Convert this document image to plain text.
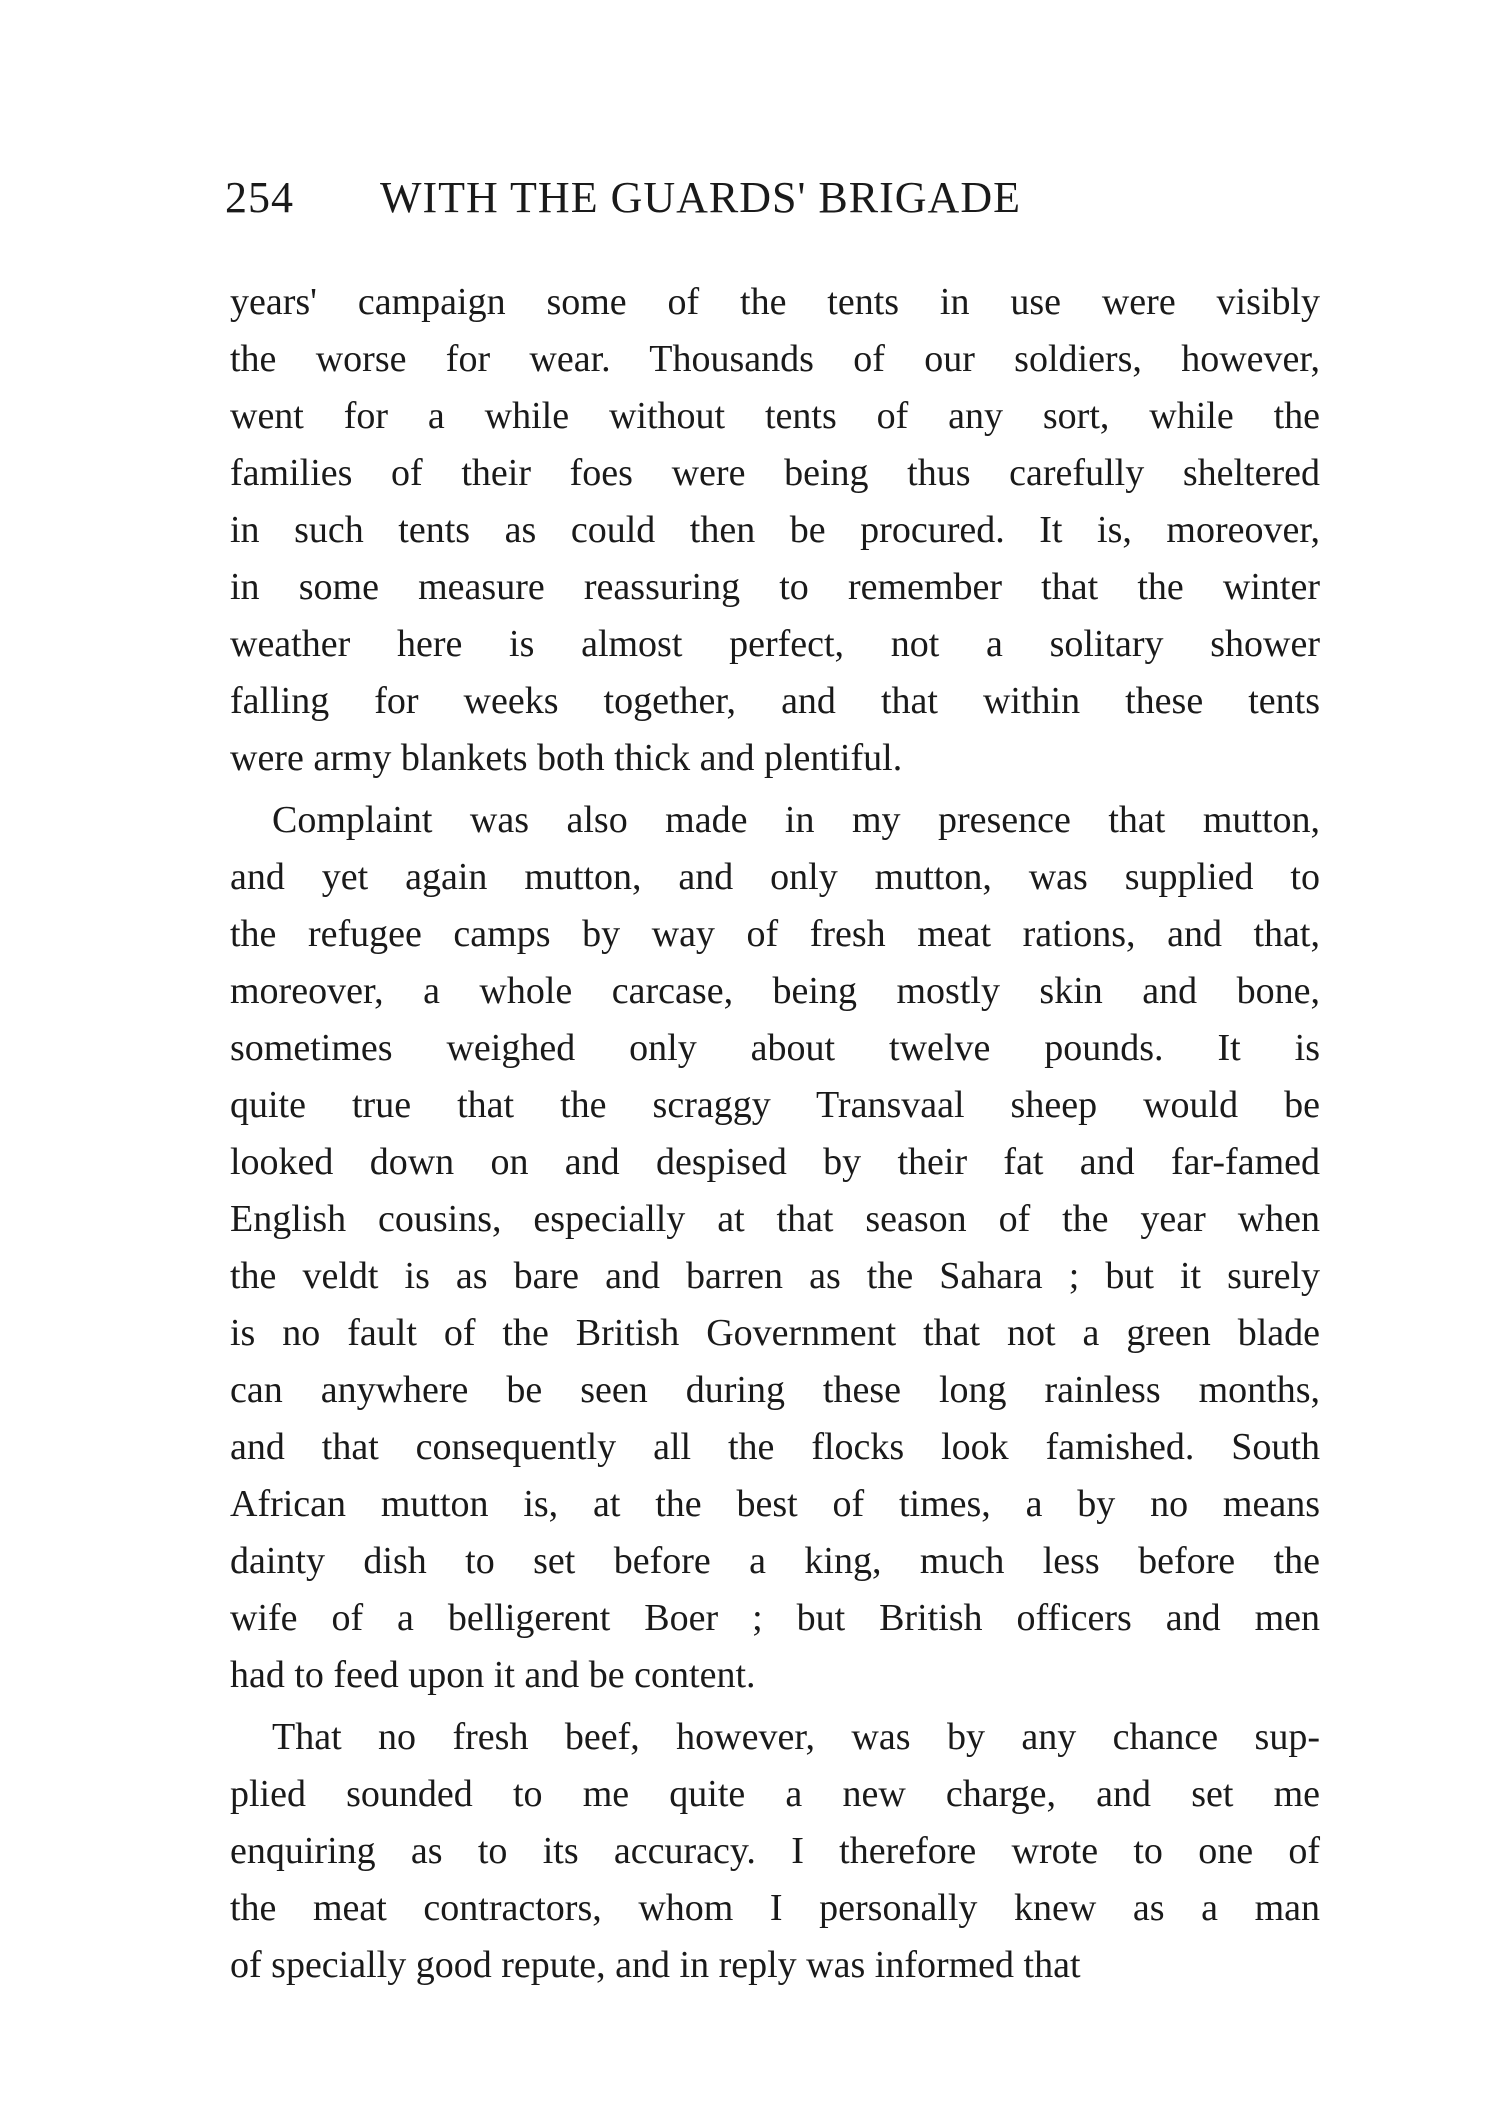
254 WITH THE GUARDS' BRIGADE
years' campaign some of the tents in use were visibly
the worse for wear. Thousands of our soldiers, however,
went for a while without tents of any sort, while the
families of their foes were being thus carefully sheltered
in such tents as could then be procured. It is, moreover,
in some measure reassuring to remember that the winter
weather here is almost perfect, not a solitary shower
falling for weeks together, and that within these tents
were army blankets both thick and plentiful.
Complaint was also made in my presence that mutton,
and yet again mutton, and only mutton, was supplied to
the refugee camps by way of fresh meat rations, and that,
moreover, a whole carcase, being mostly skin and bone,
sometimes weighed only about twelve pounds. It is
quite true that the scraggy Transvaal sheep would be
looked down on and despised by their fat and far-famed
English cousins, especially at that season of the year when
the veldt is as bare and barren as the Sahara ; but it surely
is no fault of the British Government that not a green blade
can anywhere be seen during these long rainless months,
and that consequently all the flocks look famished. South
African mutton is, at the best of times, a by no means
dainty dish to set before a king, much less before the
wife of a belligerent Boer ; but British officers and men
had to feed upon it and be content.
That no fresh beef, however, was by any chance sup-
plied sounded to me quite a new charge, and set me
enquiring as to its accuracy. I therefore wrote to one of
the meat contractors, whom I personally knew as a man
of specially good repute, and in reply was informed that
